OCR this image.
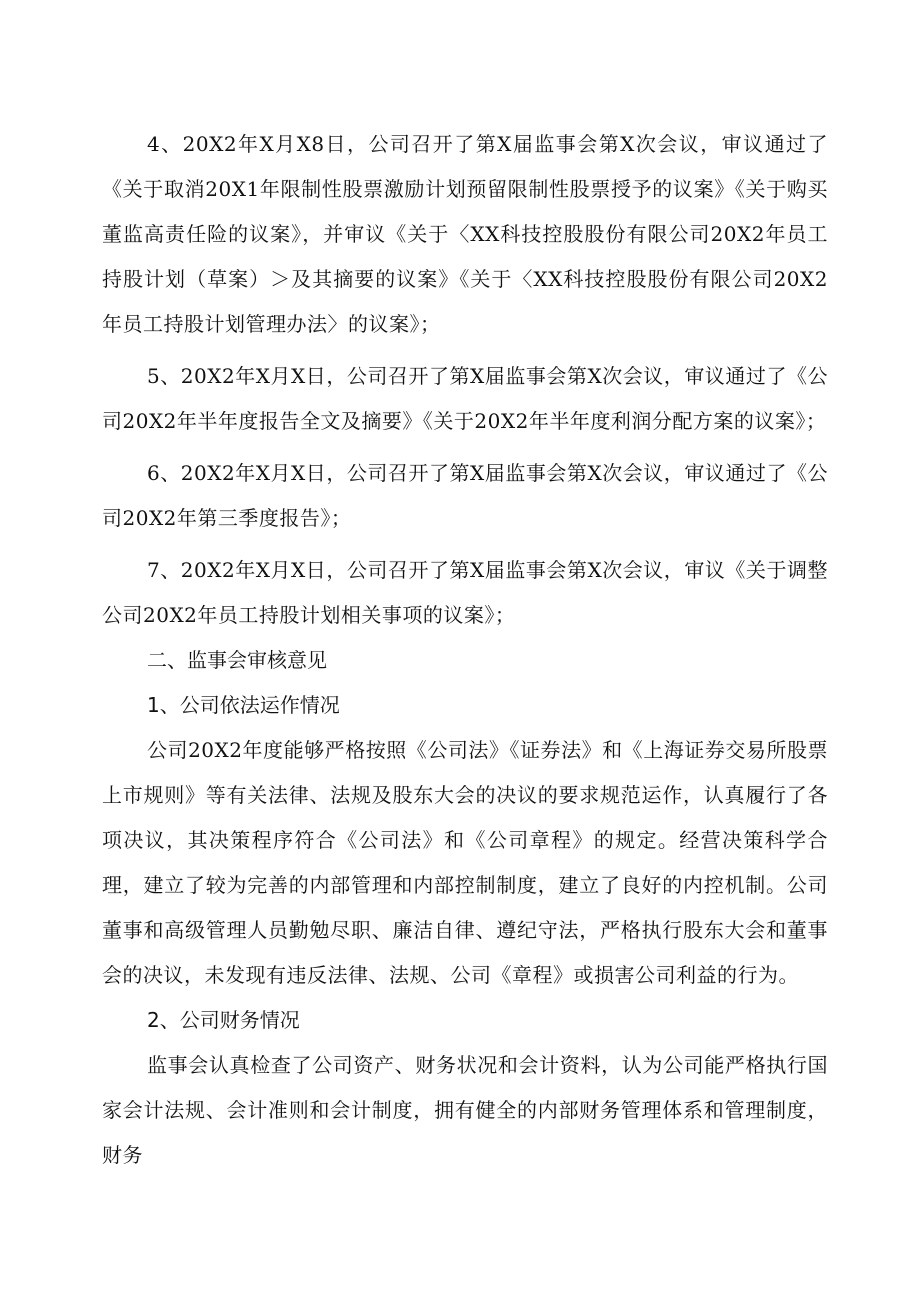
4、20X2年X月X8日，公司召开了第X届监事会第X次会议，审议通过了《关于取消20X1年限制性股票激励计划预留限制性股票授予的议案》《关于购买董监高责任险的议案》，并审议《关于〈XX科技控股股份有限公司20X2年员工持股计划（草案）＞及其摘要的议案》《关于〈XX科技控股股份有限公司20X2年员工持股计划管理办法〉的议案》；

5、20X2年X月X日，公司召开了第X届监事会第X次会议，审议通过了《公司20X2年半年度报告全文及摘要》《关于20X2年半年度利润分配方案的议案》；

6、20X2年X月X日，公司召开了第X届监事会第X次会议，审议通过了《公司20X2年第三季度报告》；

7、20X2年X月X日，公司召开了第X届监事会第X次会议，审议《关于调整公司20X2年员工持股计划相关事项的议案》；

二、监事会审核意见

1、公司依法运作情况

公司20X2年度能够严格按照《公司法》《证券法》和《上海证券交易所股票上市规则》等有关法律、法规及股东大会的决议的要求规范运作，认真履行了各项决议，其决策程序符合《公司法》和《公司章程》的规定。经营决策科学合理，建立了较为完善的内部管理和内部控制制度，建立了良好的内控机制。公司董事和高级管理人员勤勉尽职、廉洁自律、遵纪守法，严格执行股东大会和董事会的决议，未发现有违反法律、法规、公司《章程》或损害公司利益的行为。

2、公司财务情况

监事会认真检查了公司资产、财务状况和会计资料，认为公司能严格执行国家会计法规、会计准则和会计制度，拥有健全的内部财务管理体系和管理制度，财务
